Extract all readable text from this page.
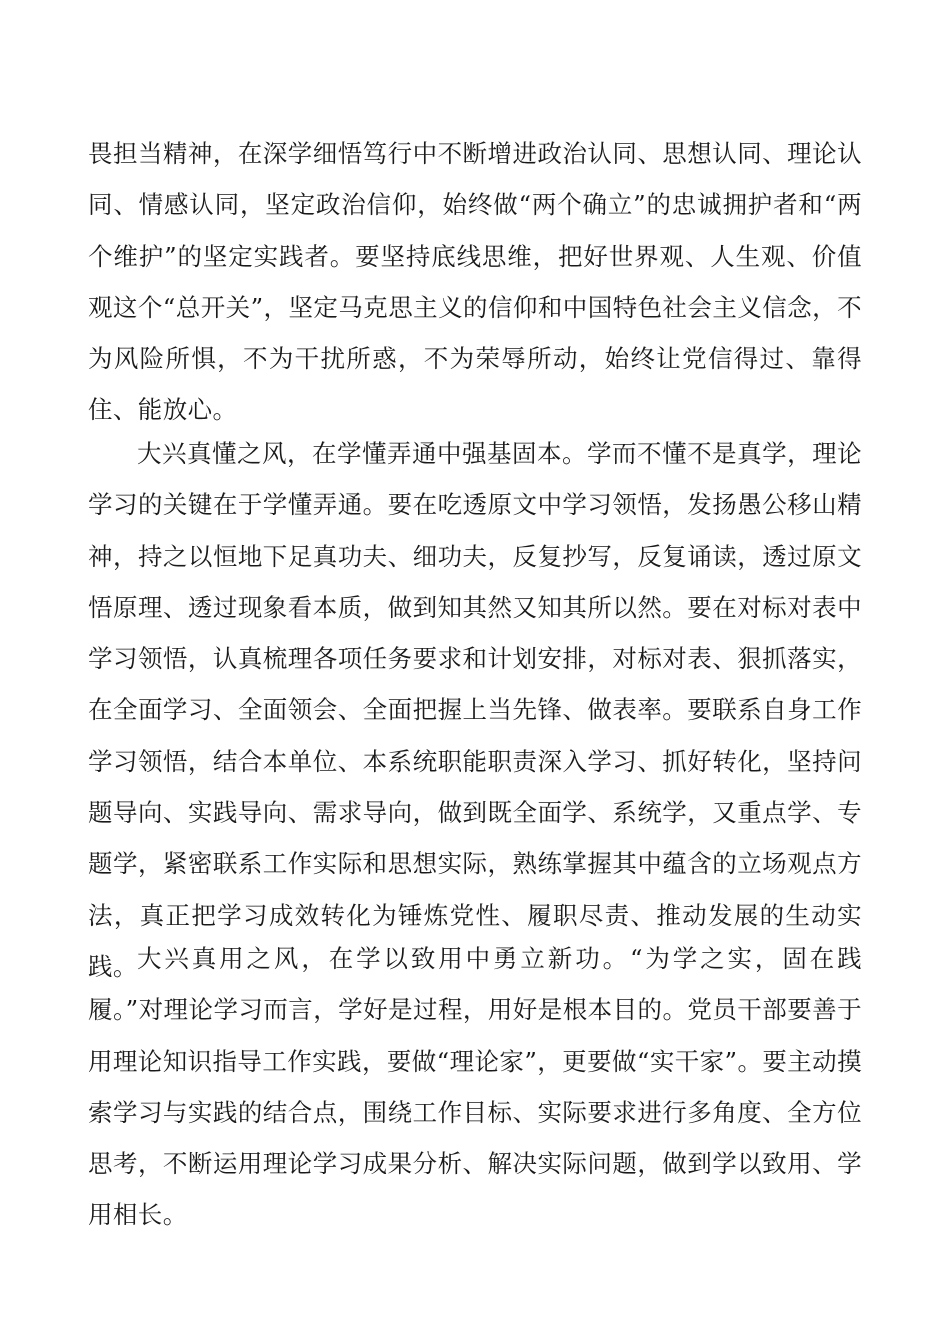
畏担当精神，在深学细悟笃行中不断增进政治认同、思想认同、理论认同、情感认同，坚定政治信仰，始终做“两个确立”的忠诚拥护者和“两个维护”的坚定实践者。要坚持底线思维，把好世界观、人生观、价值观这个“总开关”，坚定马克思主义的信仰和中国特色社会主义信念，不为风险所惧，不为干扰所惑，不为荣辱所动，始终让党信得过、靠得住、能放心。

大兴真懂之风，在学懂弄通中强基固本。学而不懂不是真学，理论学习的关键在于学懂弄通。要在吃透原文中学习领悟，发扬愚公移山精神，持之以恒地下足真功夫、细功夫，反复抄写，反复诵读，透过原文悟原理、透过现象看本质，做到知其然又知其所以然。要在对标对表中学习领悟，认真梳理各项任务要求和计划安排，对标对表、狠抓落实，在全面学习、全面领会、全面把握上当先锋、做表率。要联系自身工作学习领悟，结合本单位、本系统职能职责深入学习、抓好转化，坚持问题导向、实践导向、需求导向，做到既全面学、系统学，又重点学、专题学，紧密联系工作实际和思想实际，熟练掌握其中蕴含的立场观点方法，真正把学习成效转化为锤炼党性、履职尽责、推动发展的生动实践。 大兴真用之风，在学以致用中勇立新功。“为学之实，固在践履。”对理论学习而言，学好是过程，用好是根本目的。党员干部要善于用理论知识指导工作实践，要做“理论家”，更要做“实干家”。要主动摸索学习与实践的结合点，围绕工作目标、实际要求进行多角度、全方位思考，不断运用理论学习成果分析、解决实际问题，做到学以致用、学用相长。
